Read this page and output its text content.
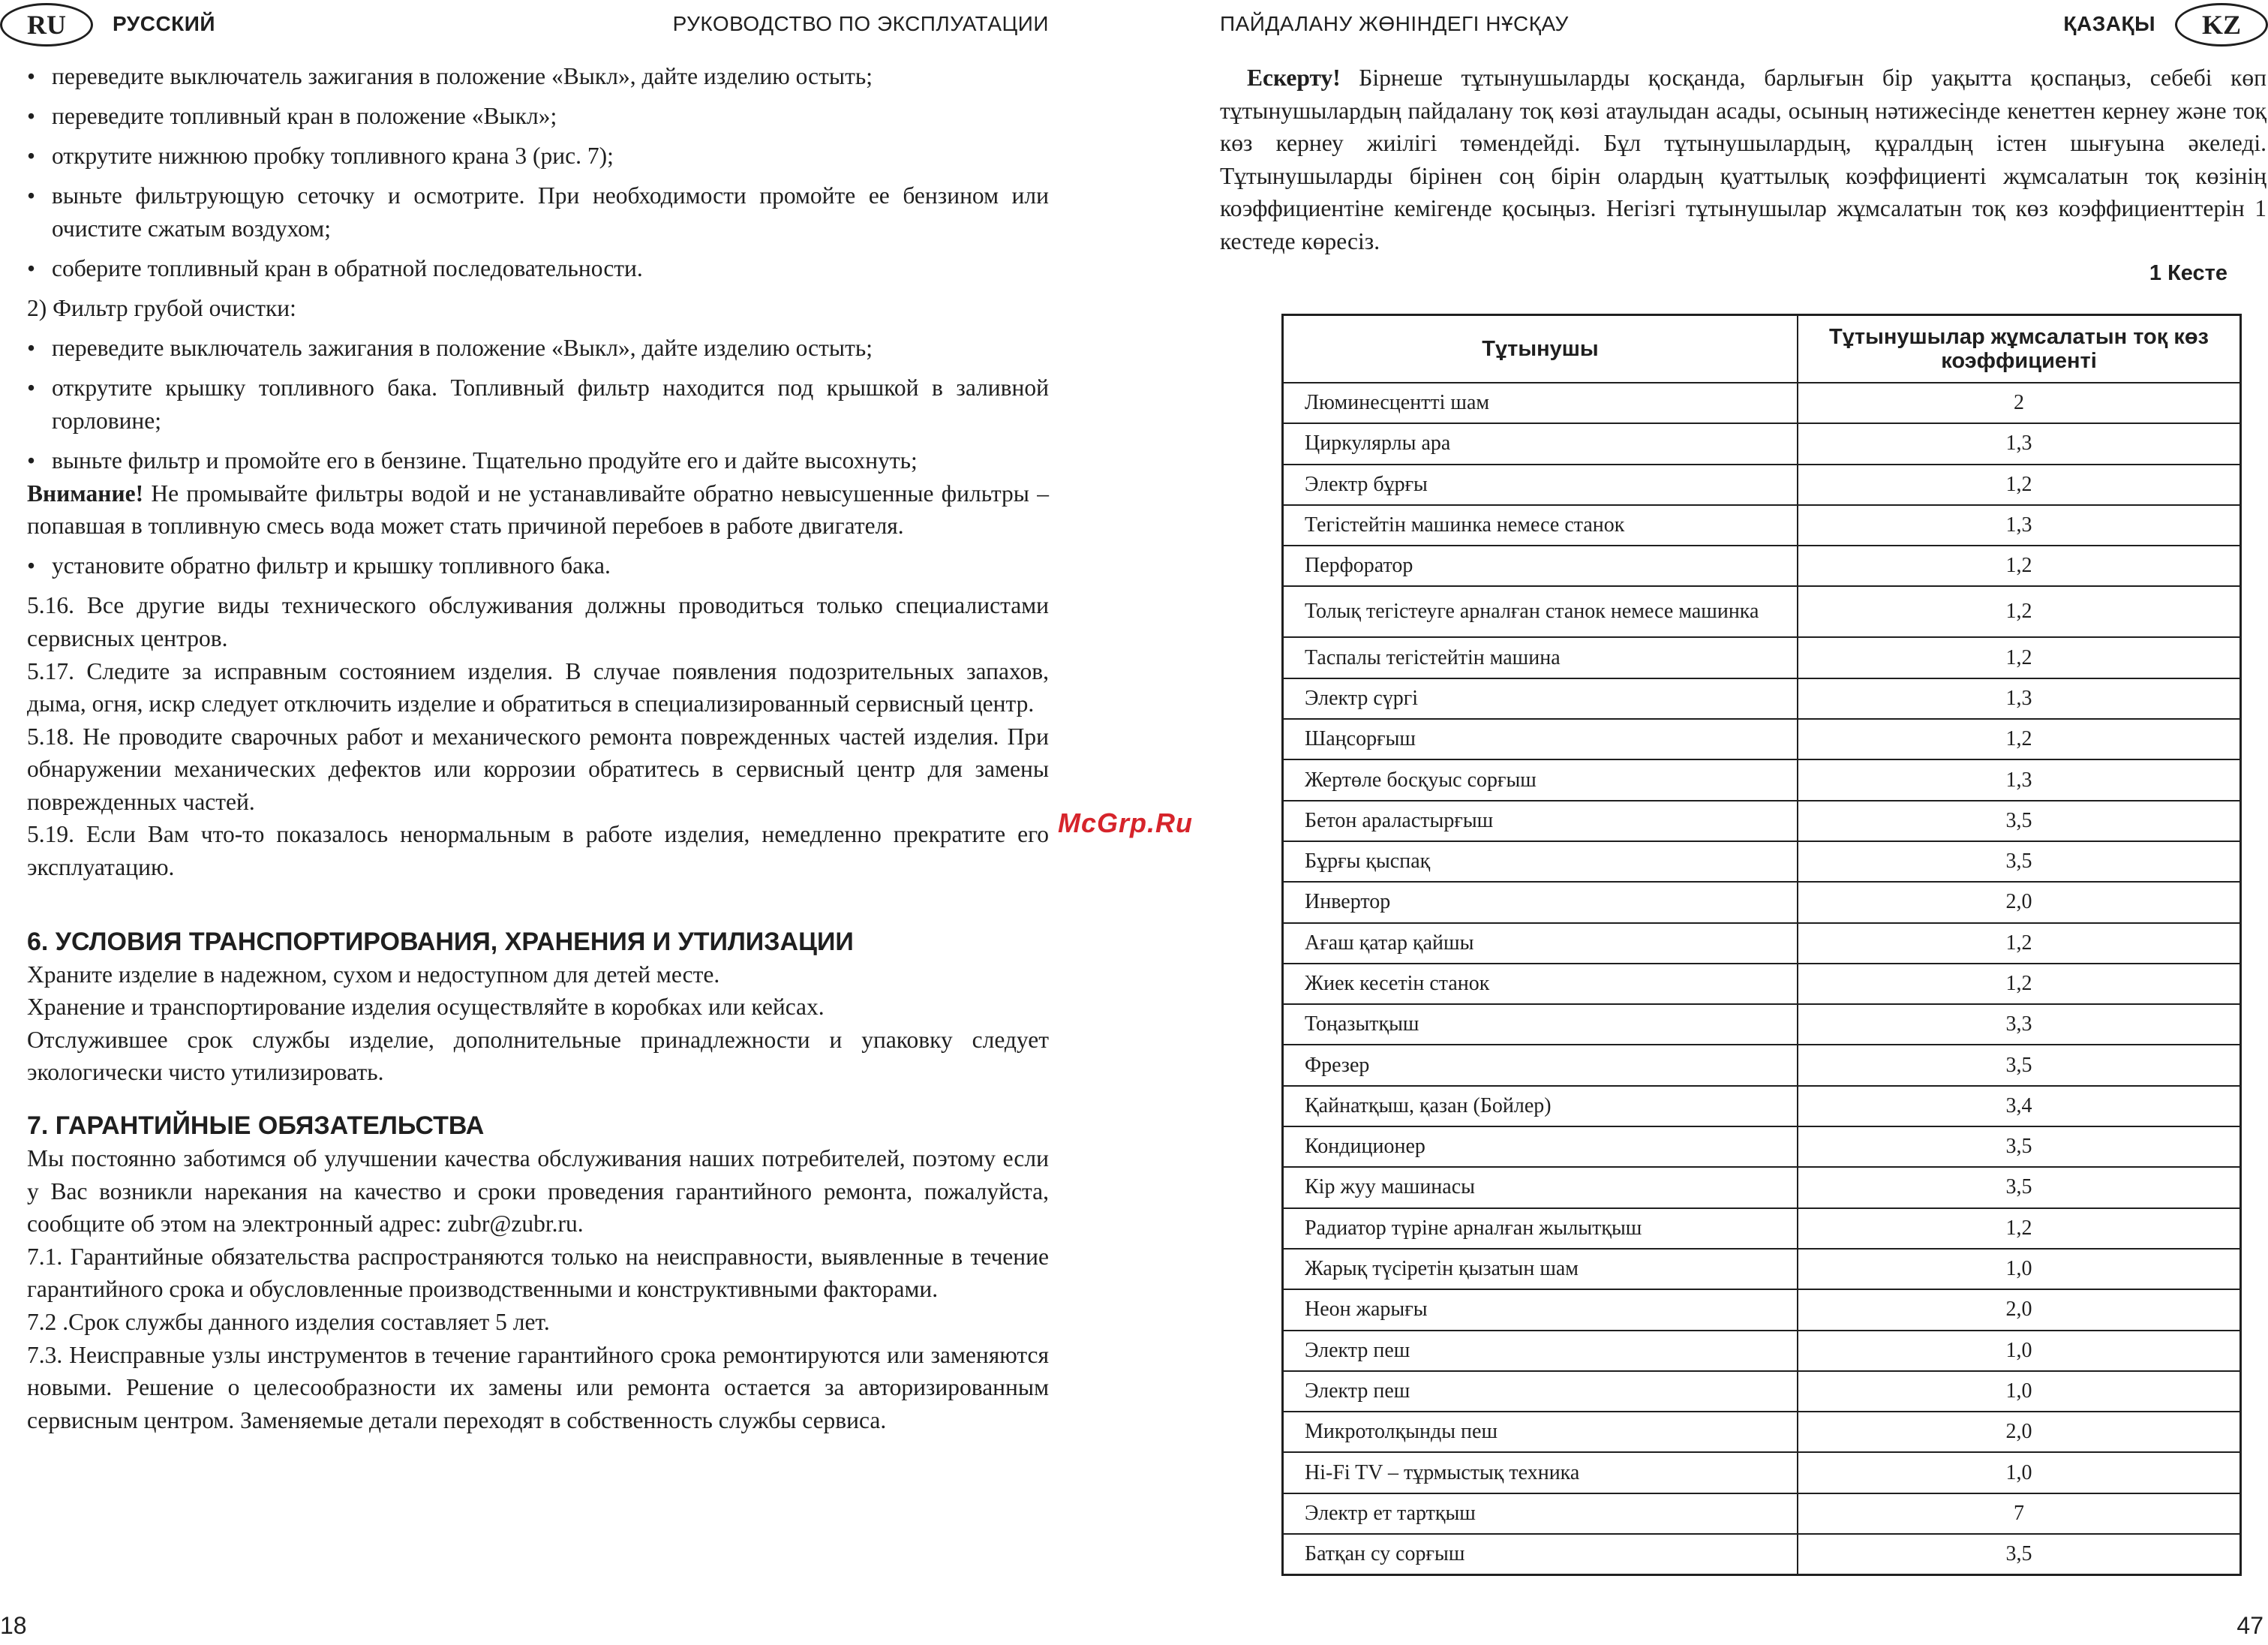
RU	РУССКИЙ	РУКОВОДСТВО ПО ЭКСПЛУАТАЦИИ

• переведите выключатель зажигания в положение «Выкл», дайте изделию остыть;

• переведите топливный кран в положение «Выкл»;

• открутите нижнюю пробку топливного крана 3 (рис. 7);

• выньте фильтрующую сеточку и осмотрите. При необходимости промойте ее бензином или очистите сжатым воздухом;

• соберите топливный кран в обратной последовательности.

2) Фильтр грубой очистки:

• переведите выключатель зажигания в положение «Выкл», дайте изделию остыть;

• открутите крышку топливного бака. Топливный фильтр находится под крышкой в заливной горловине;

• выньте фильтр и промойте его в бензине. Тщательно продуйте его и дайте высохнуть;

Внимание! Не промывайте фильтры водой и не устанавливайте обратно невысушенные фильтры – попавшая в топливную смесь вода может стать причиной перебоев в работе двигателя.

• установите обратно фильтр и крышку топливного бака.

5.16. Все другие виды технического обслуживания должны проводиться только специалистами сервисных центров.

5.17. Следите за исправным состоянием изделия. В случае появления подозрительных запахов, дыма, огня, искр следует отключить изделие и обратиться в специализированный сервисный центр.

5.18. Не проводите сварочных работ и механического ремонта поврежденных частей изделия. При обнаружении механических дефектов или коррозии обратитесь в сервисный центр для замены поврежденных частей.

5.19. Если Вам что-то показалось ненормальным в работе изделия, немедленно прекратите его эксплуатацию.

6. УСЛОВИЯ ТРАНСПОРТИРОВАНИЯ, ХРАНЕНИЯ И УТИЛИЗАЦИИ

Храните изделие в надежном, сухом и недоступном для детей месте.

Хранение и транспортирование изделия осуществляйте в коробках или кейсах.

Отслужившее срок службы изделие, дополнительные принадлежности и упаковку следует экологически чисто утилизировать.

7. ГАРАНТИЙНЫЕ ОБЯЗАТЕЛЬСТВА

Мы постоянно заботимся об улучшении качества обслуживания наших потребителей, поэтому если у Вас возникли нарекания на качество и сроки проведения гарантийного ремонта, пожалуйста, сообщите об этом на электронный адрес: zubr@zubr.ru.

7.1. Гарантийные обязательства распространяются только на неисправности, выявленные в течение гарантийного срока и обусловленные производственными и конструктивными факторами.

7.2 .Срок службы данного изделия составляет 5 лет.

7.3. Неисправные узлы инструментов в течение гарантийного срока ремонтируются или заменяются новыми. Решение о целесообразности их замены или ремонта остается за авторизированным сервисным центром. Заменяемые детали переходят в собственность службы сервиса.

18
McGrp.Ru
ПАЙДАЛАНУ ЖӨНІНДЕГІ НҰСҚАУ	ҚАЗАҚЫ	KZ

Ескерту! Бірнеше тұтынушыларды қосқанда, барлығын бір уақытта қоспаңыз, себебі көп тұтынушылардың пайдалану тоқ көзі атаулыдан асады, осының нәтижесінде кенеттен кернеу және тоқ көз кернеу жиілігі төмендейді. Бұл тұтынушылардың, құралдың істен шығуына әкеледі. Тұтынушыларды бірінен соң бірін олардың қуаттылық коэффициенті жұмсалатын тоқ көзінің коэффициентіне кемігенде қосыңыз. Негізгі тұтынушылар жұмсалатын тоқ көз коэффициенттерін 1 кестеде көресіз.

1 Кесте
Тұтынушы	Тұтынушылар жұмсалатын тоқ көз коэффициенті
Люминесцентті шам	2
Циркулярлы ара	1,3
Электр бұрғы	1,2
Тегістейтін машинка немесе станок	1,3
Перфоратор	1,2
Толық тегістеуге арналған станок немесе машинка	1,2
Таспалы тегістейтін машина	1,2
Электр сүргі	1,3
Шаңсорғыш	1,2
Жертөле босқуыс сорғыш	1,3
Бетон араластырғыш	3,5
Бұрғы қыспақ	3,5
Инвертор	2,0
Ағаш қатар қайшы	1,2
Жиек кесетін станок	1,2
Тоңазытқыш	3,3
Фрезер	3,5
Қайнатқыш, қазан (Бойлер)	3,4
Кондиционер	3,5
Кір жуу машинасы	3,5
Радиатор түріне арналған жылытқыш	1,2
Жарық түсіретін қызатын шам	1,0
Неон жарығы	2,0
Электр пеш	1,0
Электр пеш	1,0
Микротолқынды пеш	2,0
Hi-Fi TV – тұрмыстық техника	1,0
Электр ет тартқыш	7
Батқан су сорғыш	3,5
47
